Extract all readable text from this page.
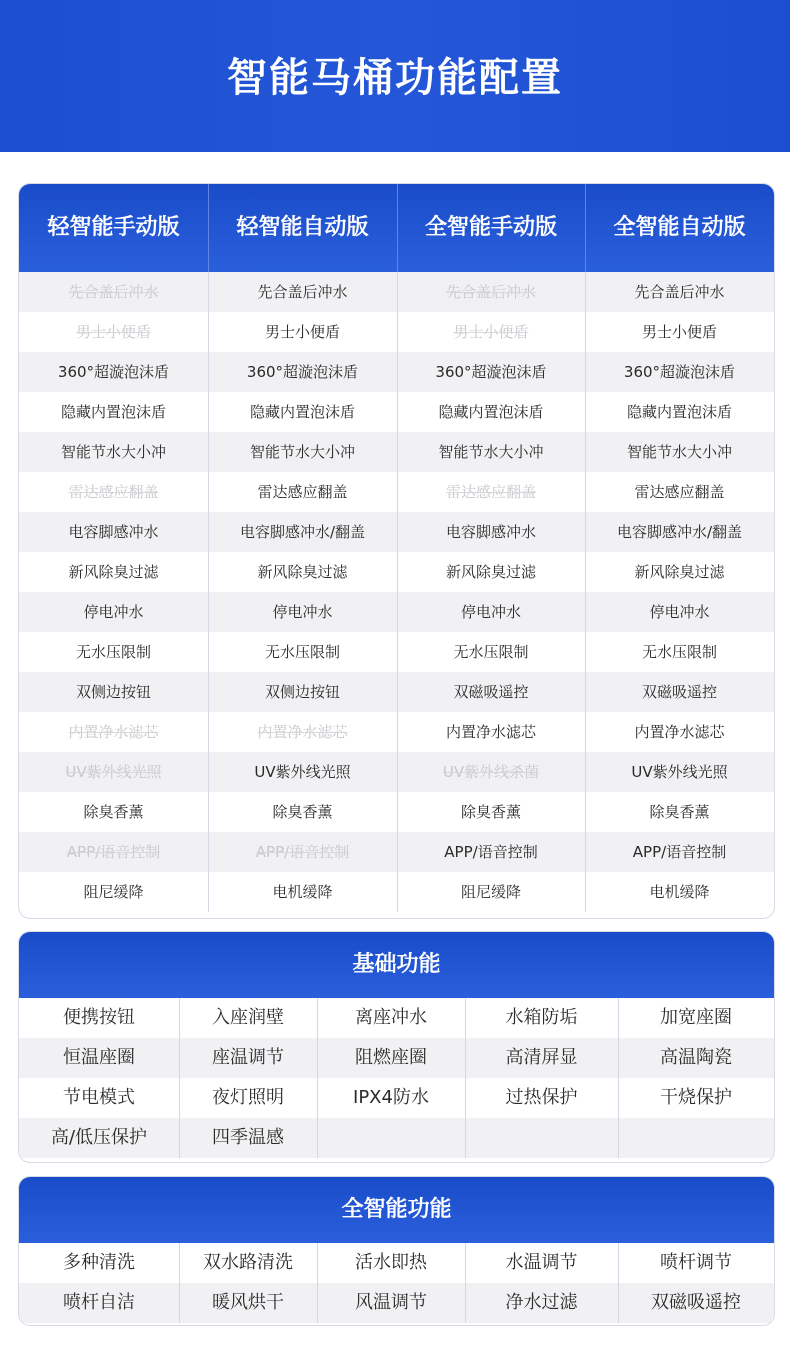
智能马桶功能配置
轻智能手动版	轻智能自动版	全智能手动版	全智能自动版
先合盖后冲水	先合盖后冲水	先合盖后冲水	先合盖后冲水
男士小便盾	男士小便盾	男士小便盾	男士小便盾
360°超漩泡沫盾	360°超漩泡沫盾	360°超漩泡沫盾	360°超漩泡沫盾
隐藏内置泡沫盾	隐藏内置泡沫盾	隐藏内置泡沫盾	隐藏内置泡沫盾
智能节水大小冲	智能节水大小冲	智能节水大小冲	智能节水大小冲
雷达感应翻盖	雷达感应翻盖	雷达感应翻盖	雷达感应翻盖
电容脚感冲水	电容脚感冲水/翻盖	电容脚感冲水	电容脚感冲水/翻盖
新风除臭过滤	新风除臭过滤	新风除臭过滤	新风除臭过滤
停电冲水	停电冲水	停电冲水	停电冲水
无水压限制	无水压限制	无水压限制	无水压限制
双侧边按钮	双侧边按钮	双磁吸遥控	双磁吸遥控
内置净水滤芯	内置净水滤芯	内置净水滤芯	内置净水滤芯
UV紫外线光照	UV紫外线光照	UV紫外线杀菌	UV紫外线光照
除臭香薰	除臭香薰	除臭香薰	除臭香薰
APP/语音控制	APP/语音控制	APP/语音控制	APP/语音控制
阻尼缓降	电机缓降	阻尼缓降	电机缓降
基础功能
便携按钮	入座润壁	离座冲水	水箱防垢	加宽座圈
恒温座圈	座温调节	阻燃座圈	高清屏显	高温陶瓷
节电模式	夜灯照明	IPX4防水	过热保护	干烧保护
高/低压保护	四季温感
全智能功能
多种清洗	双水路清洗	活水即热	水温调节	喷杆调节
喷杆自洁	暖风烘干	风温调节	净水过滤	双磁吸遥控
